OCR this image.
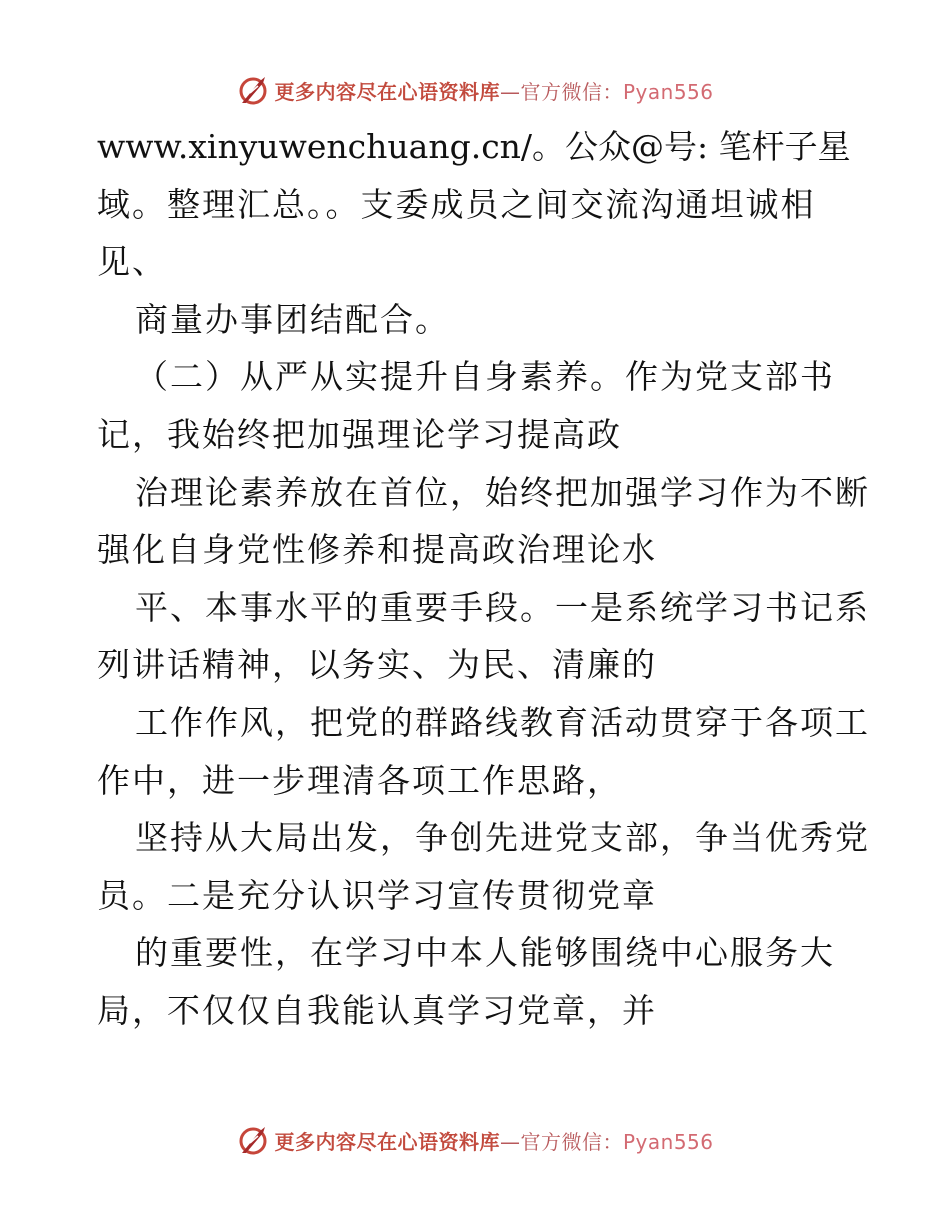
更多内容尽在心语资料库—官方微信：Pyan556
www.xinyuwenchuang.cn/。公众@号: 笔杆子星
域。整理汇总。。支委成员之间交流沟通坦诚相
见、
商量办事团结配合。
（二）从严从实提升自身素养。作为党支部书
记，我始终把加强理论学习提高政
治理论素养放在首位，始终把加强学习作为不断
强化自身党性修养和提高政治理论水
平、本事水平的重要手段。一是系统学习书记系
列讲话精神，以务实、为民、清廉的
工作作风，把党的群路线教育活动贯穿于各项工
作中，进一步理清各项工作思路，
坚持从大局出发，争创先进党支部，争当优秀党
员。二是充分认识学习宣传贯彻党章
的重要性，在学习中本人能够围绕中心服务大
局，不仅仅自我能认真学习党章，并
更多内容尽在心语资料库—官方微信：Pyan556
